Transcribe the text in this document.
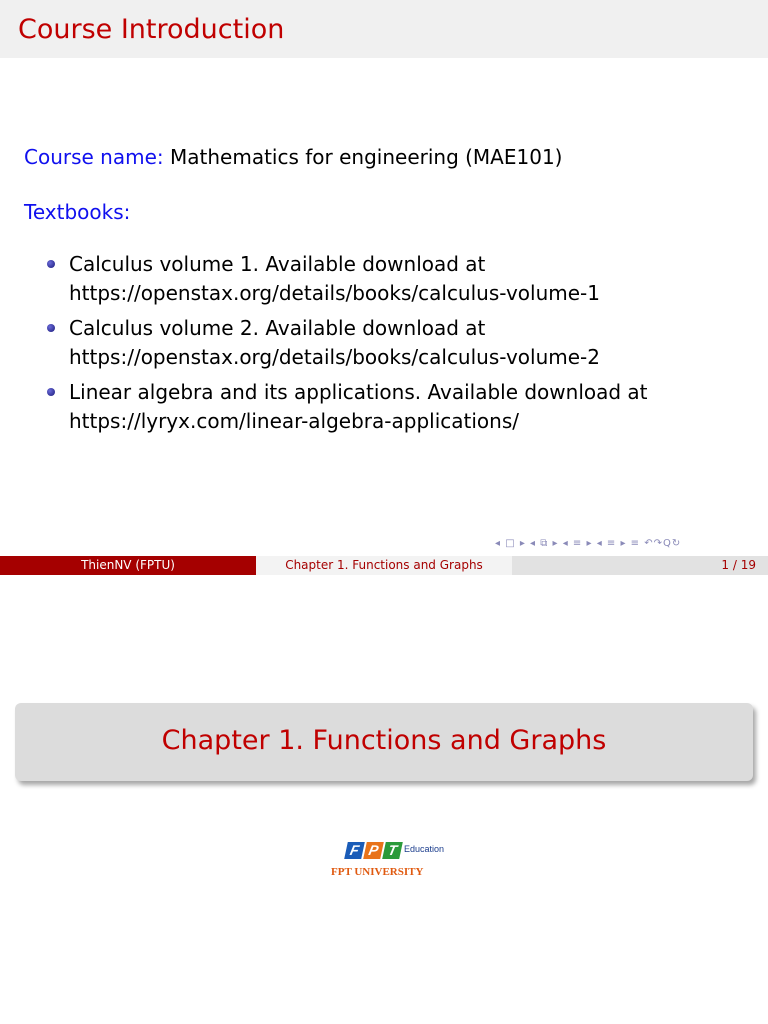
Course Introduction
Course name: Mathematics for engineering (MAE101)
Textbooks:
Calculus volume 1. Available download at
https://openstax.org/details/books/calculus-volume-1
Calculus volume 2. Available download at
https://openstax.org/details/books/calculus-volume-2
Linear algebra and its applications. Available download at
https://lyryx.com/linear-algebra-applications/
◂ □ ▸ ◂ ⧉ ▸ ◂ ≡ ▸ ◂ ≡ ▸ ≡ ↶↷Q↻
ThienNV (FPTU)	Chapter 1. Functions and Graphs	1 / 19
Chapter 1. Functions and Graphs
F P T Education
FPT UNIVERSITY
